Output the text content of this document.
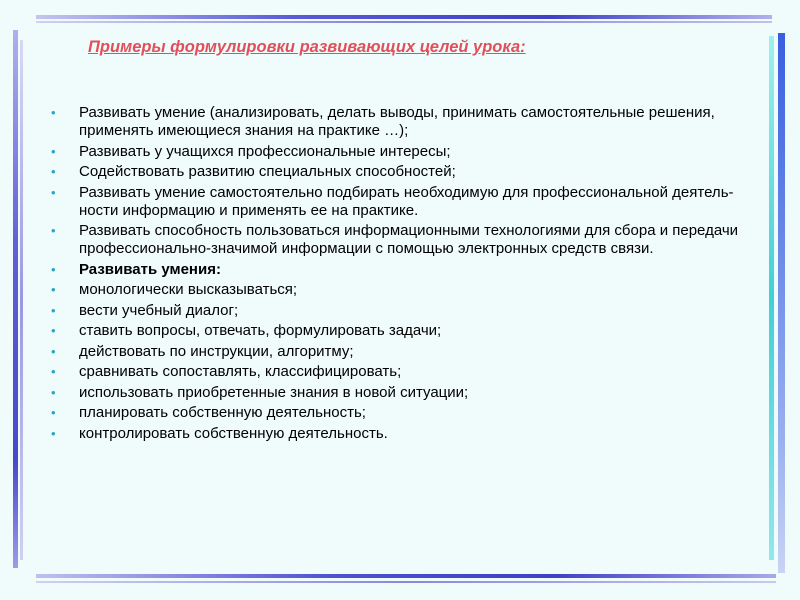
Примеры формулировки развивающих целей урока:
• Развивать умение (анализировать, делать выводы, принимать самостоятельные решения, применять имеющиеся знания на практике …);
• Развивать у учащихся профессиональные интересы;
• Содействовать развитию специальных способностей;
• Развивать умение самостоятельно подбирать необходимую для профессиональной деятель-ности информацию и применять ее на практике.
• Развивать способность пользоваться информационными технологиями для сбора и передачи профессионально-значимой информации с помощью электронных средств связи.
• Развивать умения:
• монологически высказываться;
• вести учебный диалог;
• ставить вопросы, отвечать, формулировать задачи;
• действовать по инструкции, алгоритму;
• сравнивать сопоставлять, классифицировать;
• использовать приобретенные знания в новой ситуации;
• планировать собственную деятельность;
• контролировать собственную деятельность.
